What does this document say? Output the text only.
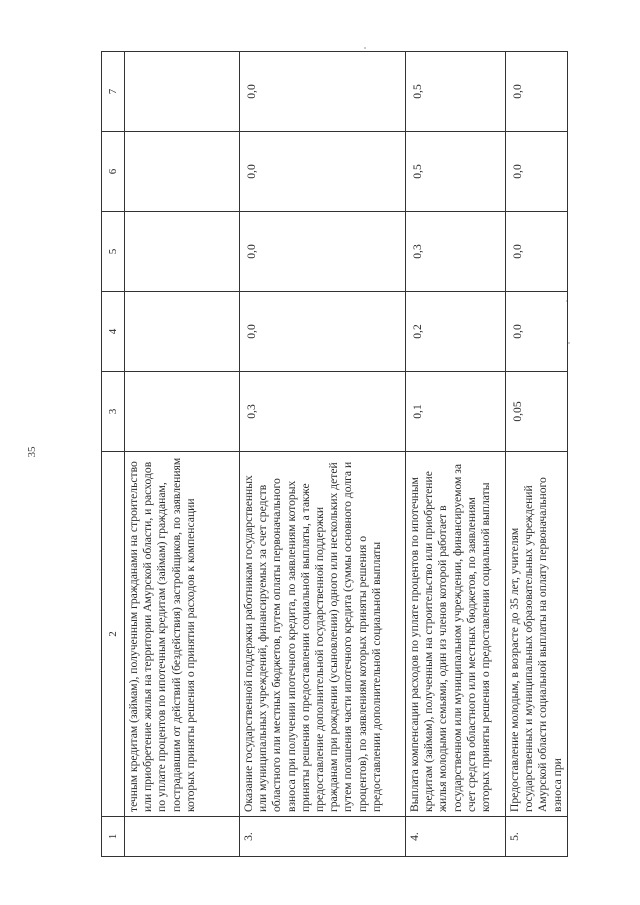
35
1	2	3	4	5	6	7
	течным кредитам (займам), полученным гражданами на строительство или приобретение жилья на территории Амурской области, и расходов по уплате процентов по ипотечным кредитам (займам) гражданам, пострадавшим от действий (бездействия) застройщиков, по заявлениям которых приняты решения о принятии расходов к компенсации					
3.	Оказание государственной поддержки работникам государственных или муниципальных учреждений, финансируемых за счет средств областного или местных бюджетов, путем оплаты первоначального взноса при получении ипотечного кредита, по заявлениям которых приняты решения о предоставлении социальной выплаты, а также предоставление дополнительной государственной поддержки гражданам при рождении (усыновлении) одного или нескольких детей путем погашения части ипотечного кредита (суммы основного долга и процентов), по заявлениям которых приняты решения о предоставлении дополнительной социальной выплаты	0,3	0,0	0,0	0,0	0,0
4.	Выплата компенсации расходов по уплате процентов по ипотечным кредитам (займам), полученным на строительство или приобретение жилья молодыми семьями, один из членов которой работает в государственном или муниципальном учреждении, финансируемом за счет средств областного или местных бюджетов, по заявлениям которых приняты решения о предоставлении социальной выплаты	0,1	0,2	0,3	0,5	0,5
5.	Предоставление молодым, в возрасте до 35 лет, учителям государственных и муниципальных образовательных учреждений Амурской области социальной выплаты на оплату первоначального взноса при	0,05	0,0	0,0	0,0	0,0
